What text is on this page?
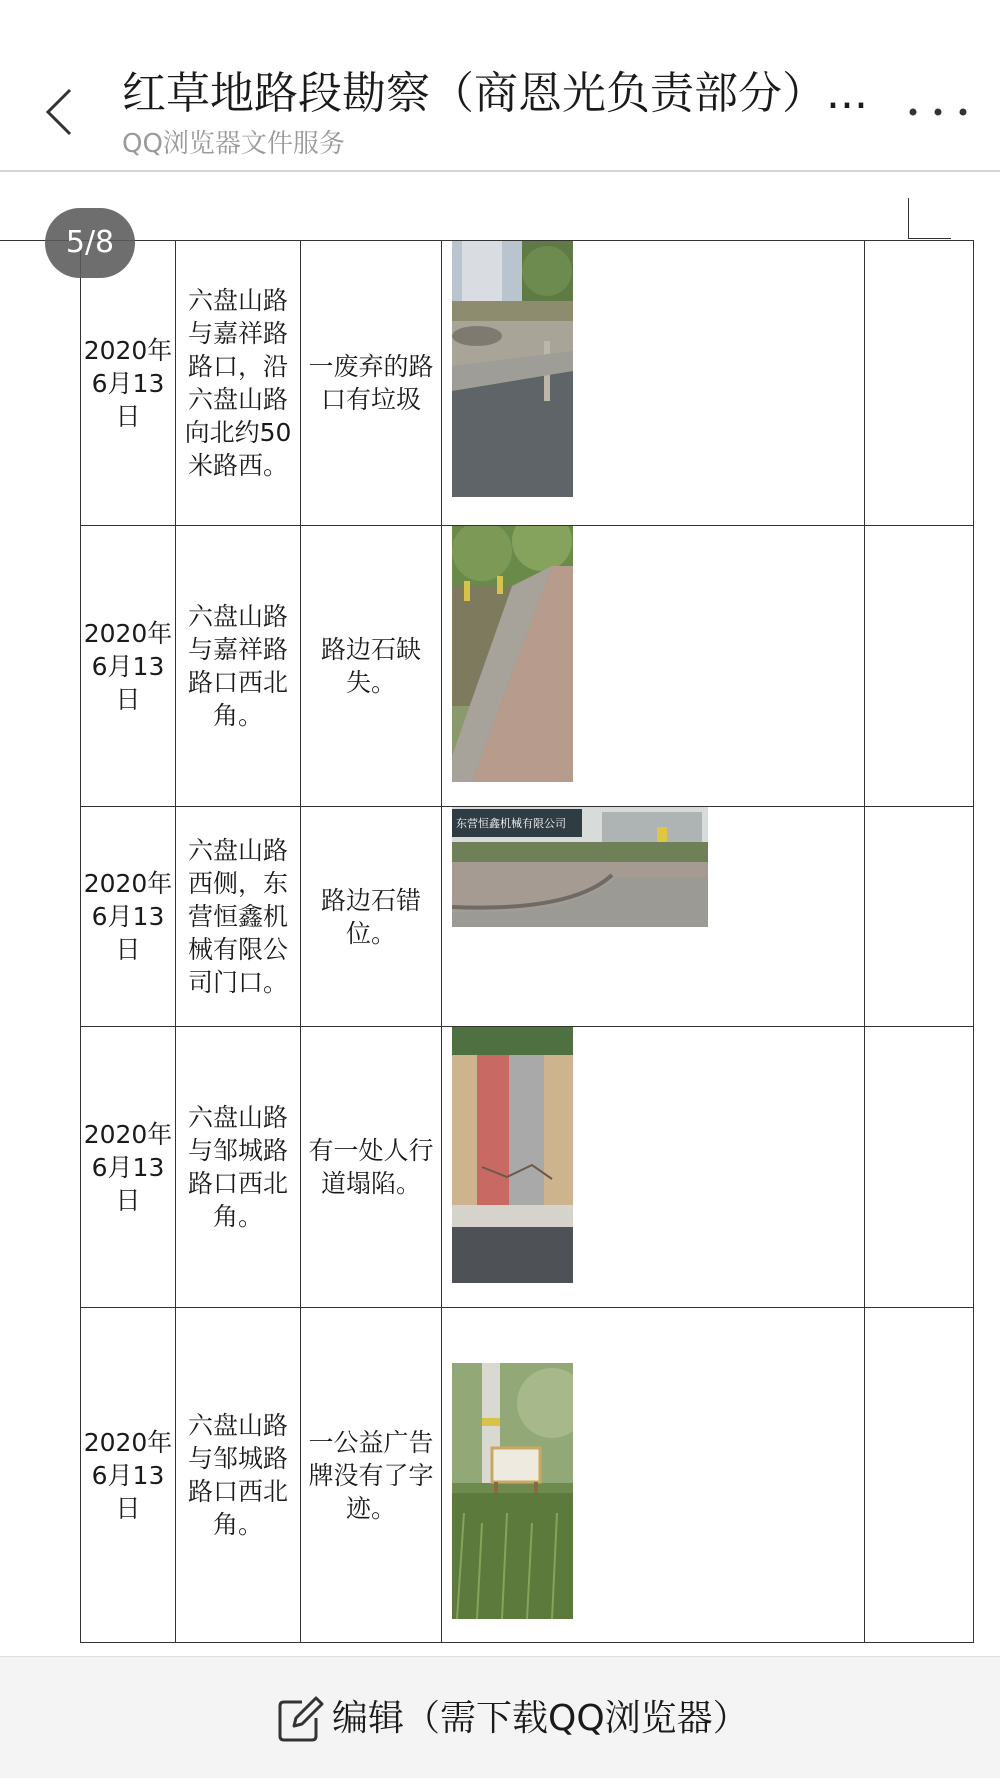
红草地路段勘察（商恩光负责部分）...
QQ浏览器文件服务
2020年6月13日	六盘山路与嘉祥路路口，沿六盘山路向北约50米路西。	一废弃的路口有垃圾	

2020年6月13日	六盘山路与嘉祥路路口西北角。	路边石缺失。	

2020年6月13日	六盘山路西侧，东营恒鑫机械有限公司门口。	路边石错位。	东营恒鑫机械有限公司	

2020年6月13日	六盘山路与邹城路路口西北角。	有一处人行道塌陷。	

2020年6月13日	六盘山路与邹城路路口西北角。	一公益广告牌没有了字迹。	

5/8
编辑（需下载QQ浏览器）
